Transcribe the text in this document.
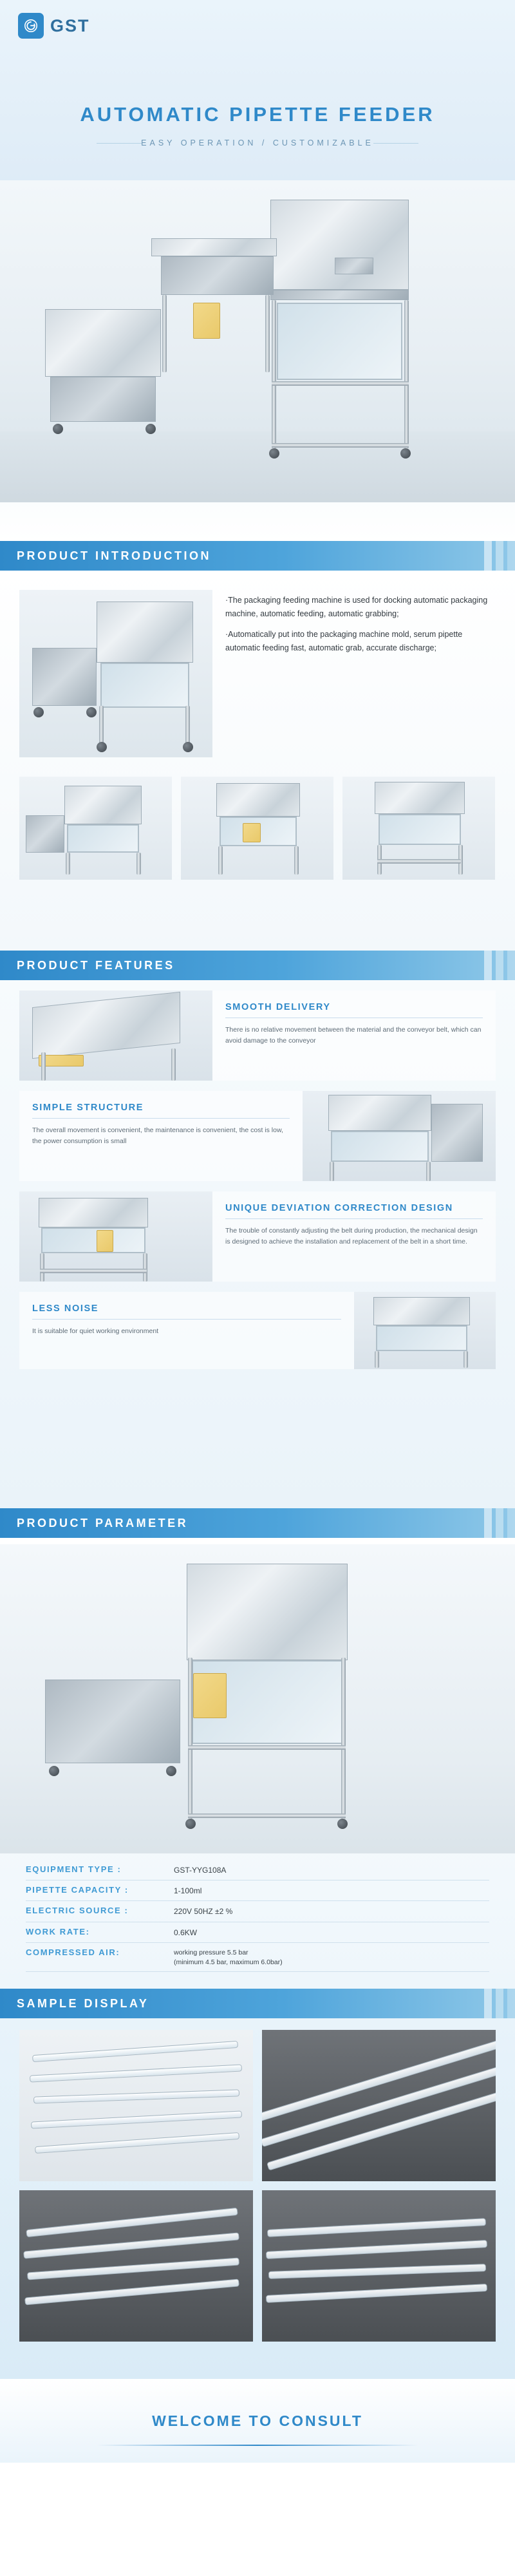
GST
AUTOMATIC PIPETTE FEEDER
EASY OPERATION / CUSTOMIZABLE
PRODUCT INTRODUCTION

·The packaging feeding machine is used for docking automatic packaging machine, automatic feeding, automatic grabbing;

·Automatically put into the packaging machine mold, serum pipette automatic feeding fast, automatic grab, accurate discharge;

PRODUCT FEATURES
SMOOTH DELIVERY

There is no relative movement between the material and the conveyor belt, which can avoid damage to the conveyor

SIMPLE STRUCTURE

The overall movement is convenient, the maintenance is convenient, the cost is low, the power consumption is small

UNIQUE DEVIATION CORRECTION DESIGN

The trouble of constantly adjusting the belt during production, the mechanical design is designed to achieve the installation and replacement of the belt in a short time.

LESS NOISE

It is suitable for quiet working environment

PRODUCT PARAMETER
EQUIPMENT TYPE :	GST-YYG108A
PIPETTE CAPACITY :	1-100ml
ELECTRIC SOURCE :	220V 50HZ ±2 %
WORK RATE:	0.6KW
COMPRESSED AIR:	working pressure 5.5 bar
(minimum 4.5 bar, maximum 6.0bar)
SAMPLE DISPLAY
WELCOME TO CONSULT
